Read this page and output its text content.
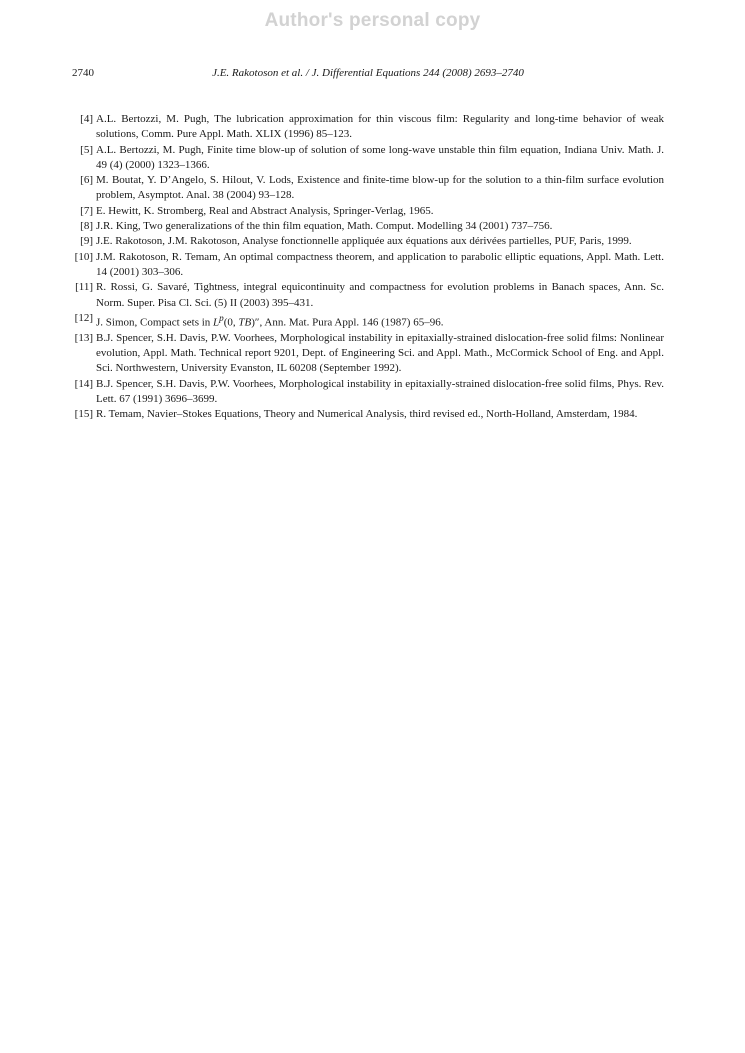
Author's personal copy
2740	J.E. Rakotoson et al. / J. Differential Equations 244 (2008) 2693–2740
[4] A.L. Bertozzi, M. Pugh, The lubrication approximation for thin viscous film: Regularity and long-time behavior of weak solutions, Comm. Pure Appl. Math. XLIX (1996) 85–123.
[5] A.L. Bertozzi, M. Pugh, Finite time blow-up of solution of some long-wave unstable thin film equation, Indiana Univ. Math. J. 49 (4) (2000) 1323–1366.
[6] M. Boutat, Y. D’Angelo, S. Hilout, V. Lods, Existence and finite-time blow-up for the solution to a thin-film surface evolution problem, Asymptot. Anal. 38 (2004) 93–128.
[7] E. Hewitt, K. Stromberg, Real and Abstract Analysis, Springer-Verlag, 1965.
[8] J.R. King, Two generalizations of the thin film equation, Math. Comput. Modelling 34 (2001) 737–756.
[9] J.E. Rakotoson, J.M. Rakotoson, Analyse fonctionnelle appliquée aux équations aux dérivées partielles, PUF, Paris, 1999.
[10] J.M. Rakotoson, R. Temam, An optimal compactness theorem, and application to parabolic elliptic equations, Appl. Math. Lett. 14 (2001) 303–306.
[11] R. Rossi, G. Savaré, Tightness, integral equicontinuity and compactness for evolution problems in Banach spaces, Ann. Sc. Norm. Super. Pisa Cl. Sci. (5) II (2003) 395–431.
[12] J. Simon, Compact sets in $L^p(0$, TB)″, Ann. Mat. Pura Appl. 146 (1987) 65–96.
[13] B.J. Spencer, S.H. Davis, P.W. Voorhees, Morphological instability in epitaxially-strained dislocation-free solid films: Nonlinear evolution, Appl. Math. Technical report 9201, Dept. of Engineering Sci. and Appl. Math., McCormick School of Eng. and Appl. Sci. Northwestern, University Evanston, IL 60208 (September 1992).
[14] B.J. Spencer, S.H. Davis, P.W. Voorhees, Morphological instability in epitaxially-strained dislocation-free solid films, Phys. Rev. Lett. 67 (1991) 3696–3699.
[15] R. Temam, Navier–Stokes Equations, Theory and Numerical Analysis, third revised ed., North-Holland, Amsterdam, 1984.
